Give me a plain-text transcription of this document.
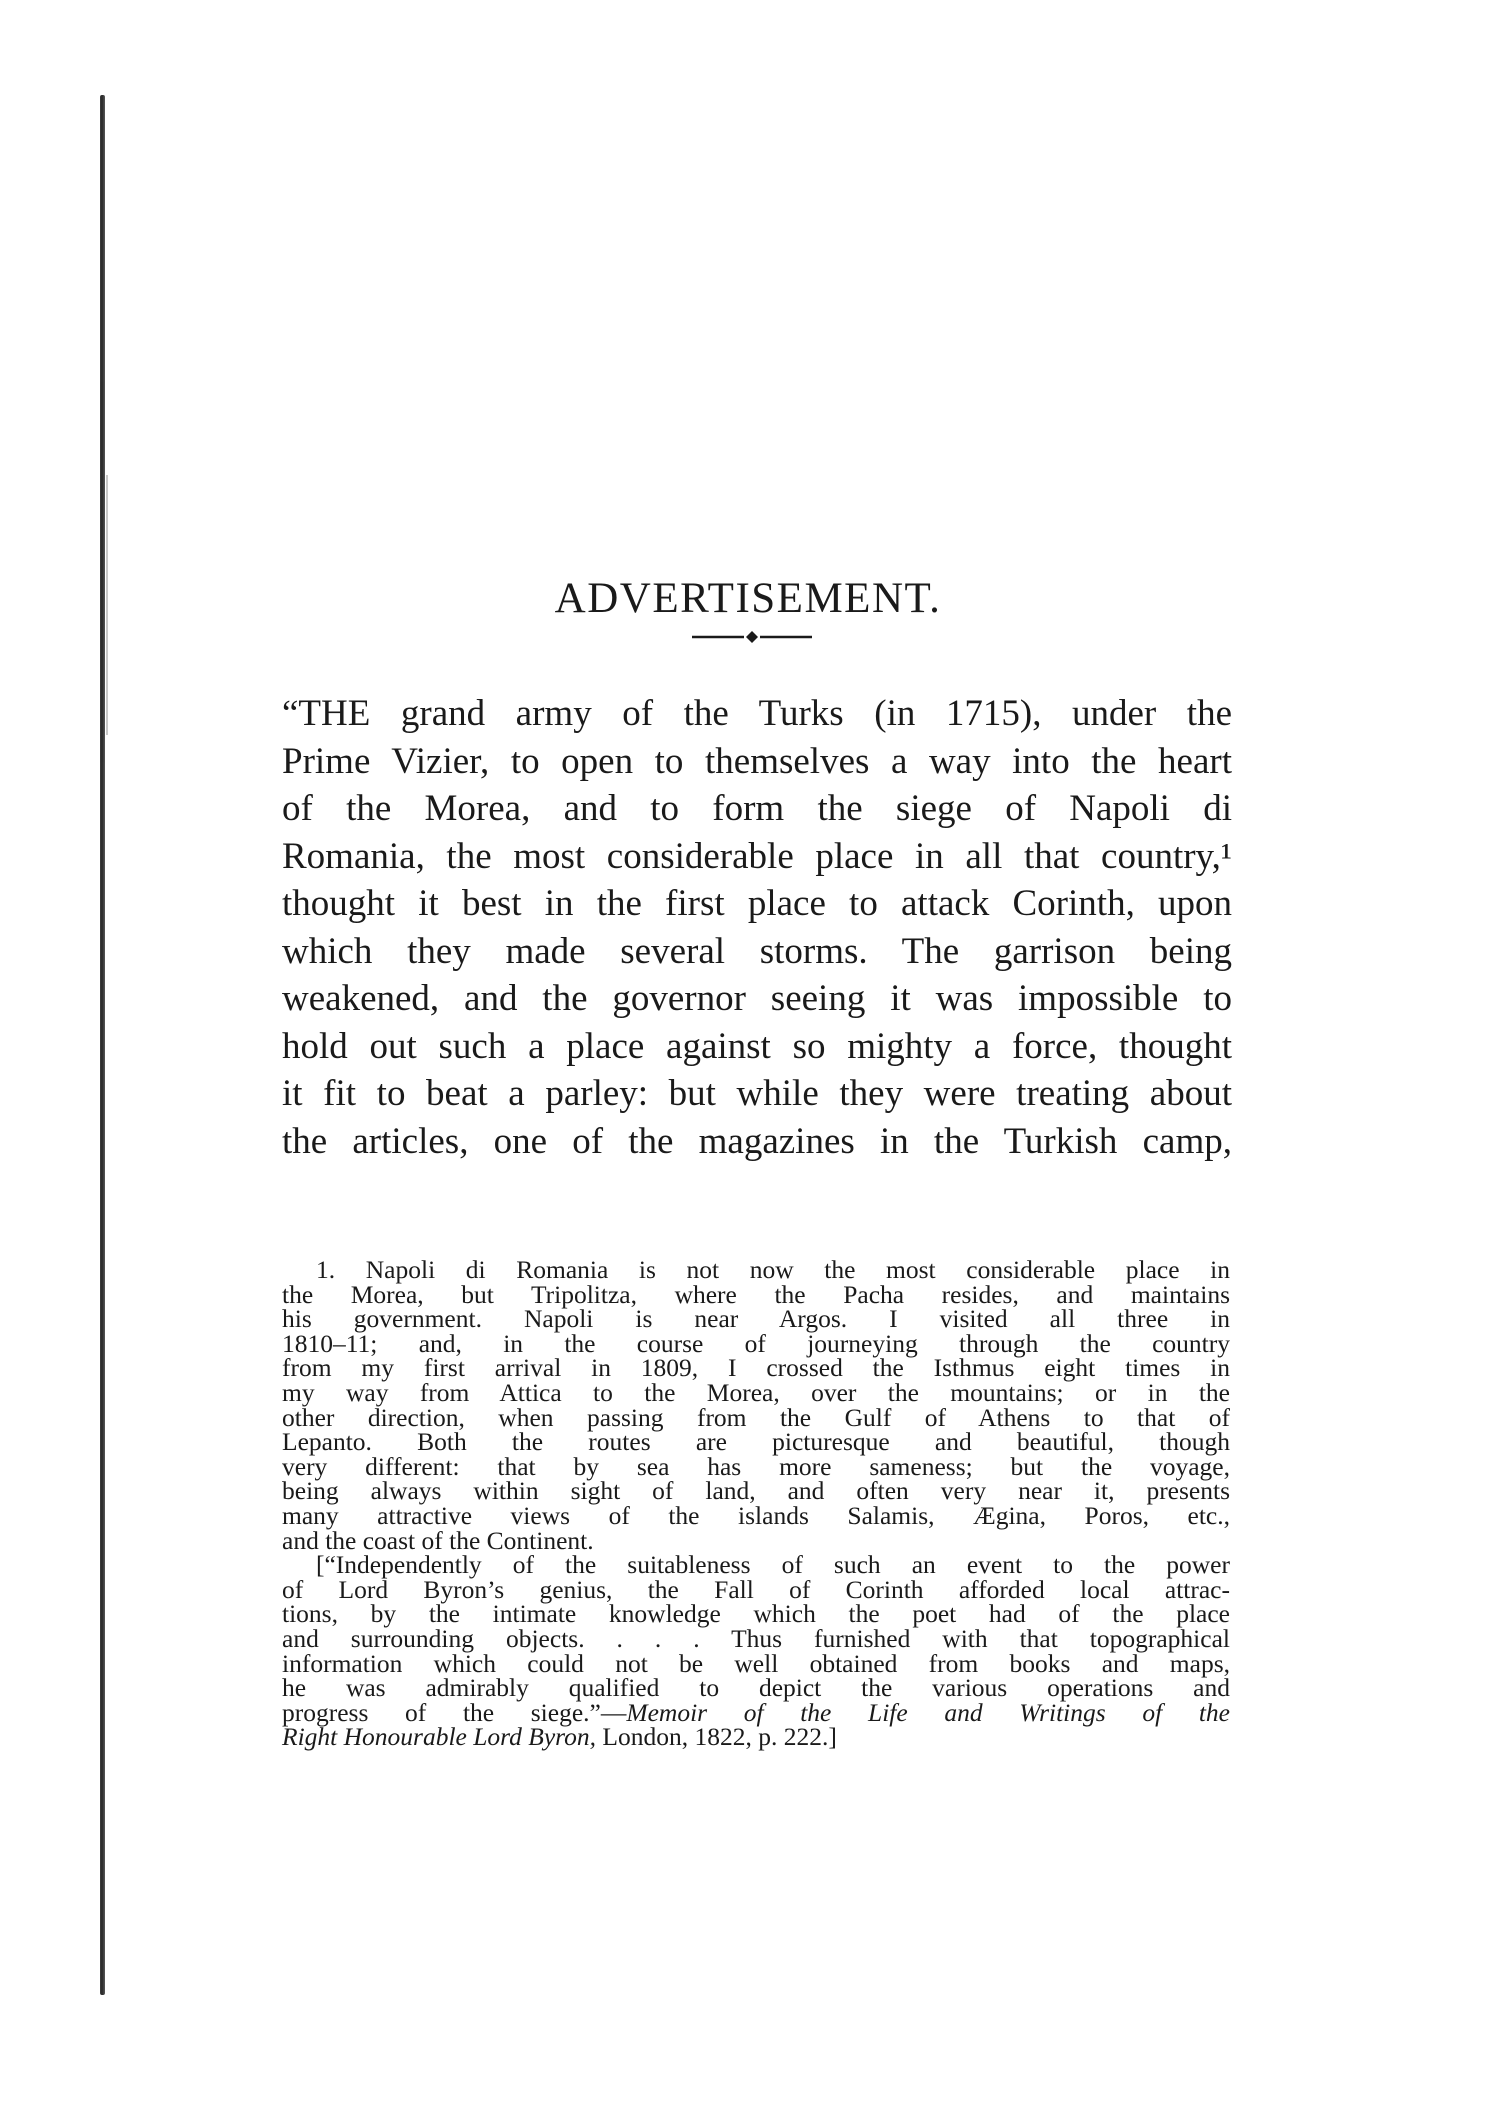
ADVERTISEMENT.
“THE grand army of the Turks (in 1715), under the
Prime Vizier, to open to themselves a way into the heart
of the Morea, and to form the siege of Napoli di
Romania, the most considerable place in all that country,¹
thought it best in the first place to attack Corinth, upon
which they made several storms. The garrison being
weakened, and the governor seeing it was impossible to
hold out such a place against so mighty a force, thought
it fit to beat a parley: but while they were treating about
the articles, one of the magazines in the Turkish camp,
1. Napoli di Romania is not now the most considerable place in
the Morea, but Tripolitza, where the Pacha resides, and maintains
his government. Napoli is near Argos. I visited all three in
1810–11; and, in the course of journeying through the country
from my first arrival in 1809, I crossed the Isthmus eight times in
my way from Attica to the Morea, over the mountains; or in the
other direction, when passing from the Gulf of Athens to that of
Lepanto. Both the routes are picturesque and beautiful, though
very different: that by sea has more sameness; but the voyage,
being always within sight of land, and often very near it, presents
many attractive views of the islands Salamis, Ægina, Poros, etc.,
and the coast of the Continent.
[“Independently of the suitableness of such an event to the power
of Lord Byron’s genius, the Fall of Corinth afforded local attrac-
tions, by the intimate knowledge which the poet had of the place
and surrounding objects. . . . Thus furnished with that topographical
information which could not be well obtained from books and maps,
he was admirably qualified to depict the various operations and
progress of the siege.”—Memoir of the Life and Writings of the
Right Honourable Lord Byron, London, 1822, p. 222.]
